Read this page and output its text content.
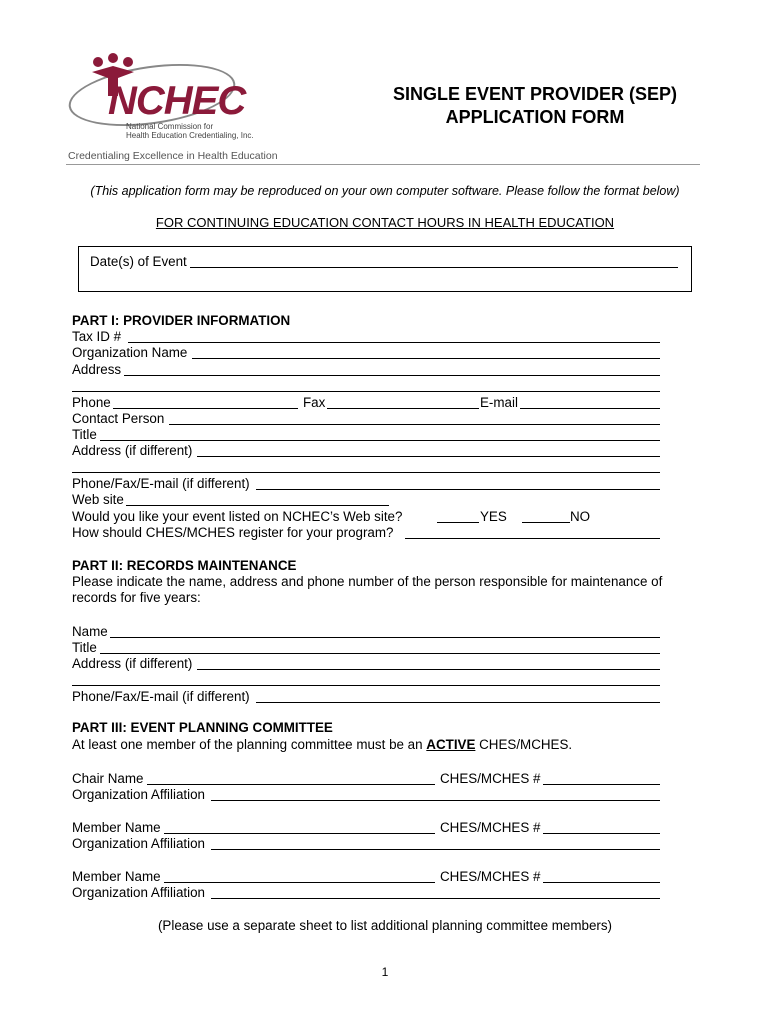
NCHEC
National Commission for
Health Education Credentialing, Inc.
Credentialing Excellence in Health Education
SINGLE EVENT PROVIDER (SEP)
APPLICATION FORM
(This application form may be reproduced on your own computer software. Please follow the format below)
FOR CONTINUING EDUCATION CONTACT HOURS IN HEALTH EDUCATION
Date(s) of Event
PART I: PROVIDER INFORMATION
Tax ID #
Organization Name
Address
Phone	Fax	E-mail
Contact Person
Title
Address (if different)
Phone/Fax/E-mail (if different)
Web site
Would you like your event listed on NCHEC’s Web site?	YES	NO
How should CHES/MCHES register for your program?
PART II: RECORDS MAINTENANCE
Please indicate the name, address and phone number of the person responsible for maintenance of
records for five years:
Name
Title
Address (if different)
Phone/Fax/E-mail (if different)
PART III: EVENT PLANNING COMMITTEE
At least one member of the planning committee must be an ACTIVE CHES/MCHES.
Chair Name	CHES/MCHES #
Organization Affiliation
Member Name	CHES/MCHES #
Organization Affiliation
Member Name	CHES/MCHES #
Organization Affiliation
(Please use a separate sheet to list additional planning committee members)
1
